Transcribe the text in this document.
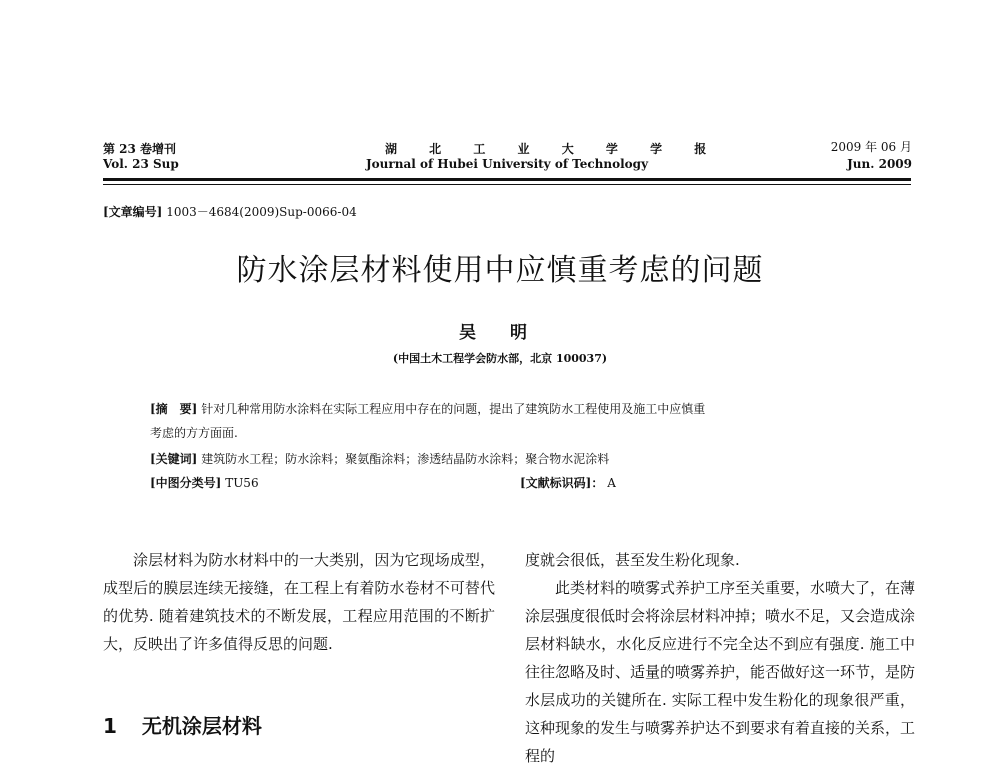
第 23 卷增刊
Vol. 23 Sup
湖 北 工 业 大 学 学 报
Journal of Hubei University of Technology
2009 年 06 月
Jun. 2009
[文章编号] 1003－4684(2009)Sup-0066-04
防水涂层材料使用中应慎重考虑的问题
吴 明
(中国土木工程学会防水部，北京 100037)
[摘　要] 针对几种常用防水涂料在实际工程应用中存在的问题，提出了建筑防水工程使用及施工中应慎重
考虑的方方面面.
[关键词] 建筑防水工程；防水涂料；聚氨酯涂料；渗透结晶防水涂料；聚合物水泥涂料
[中图分类号] TU56	[文献标识码]： A

涂层材料为防水材料中的一大类别，因为它现场成型，成型后的膜层连续无接缝，在工程上有着防水卷材不可替代的优势. 随着建筑技术的不断发展，工程应用范围的不断扩大，反映出了许多值得反思的问题.

1 无机涂层材料

度就会很低，甚至发生粉化现象.

此类材料的喷雾式养护工序至关重要，水喷大了，在薄涂层强度很低时会将涂层材料冲掉；喷水不足，又会造成涂层材料缺水，水化反应进行不完全达不到应有强度. 施工中往往忽略及时、适量的喷雾养护，能否做好这一环节，是防水层成功的关键所在. 实际工程中发生粉化的现象很严重，这种现象的发生与喷雾养护达不到要求有着直接的关系，工程的
